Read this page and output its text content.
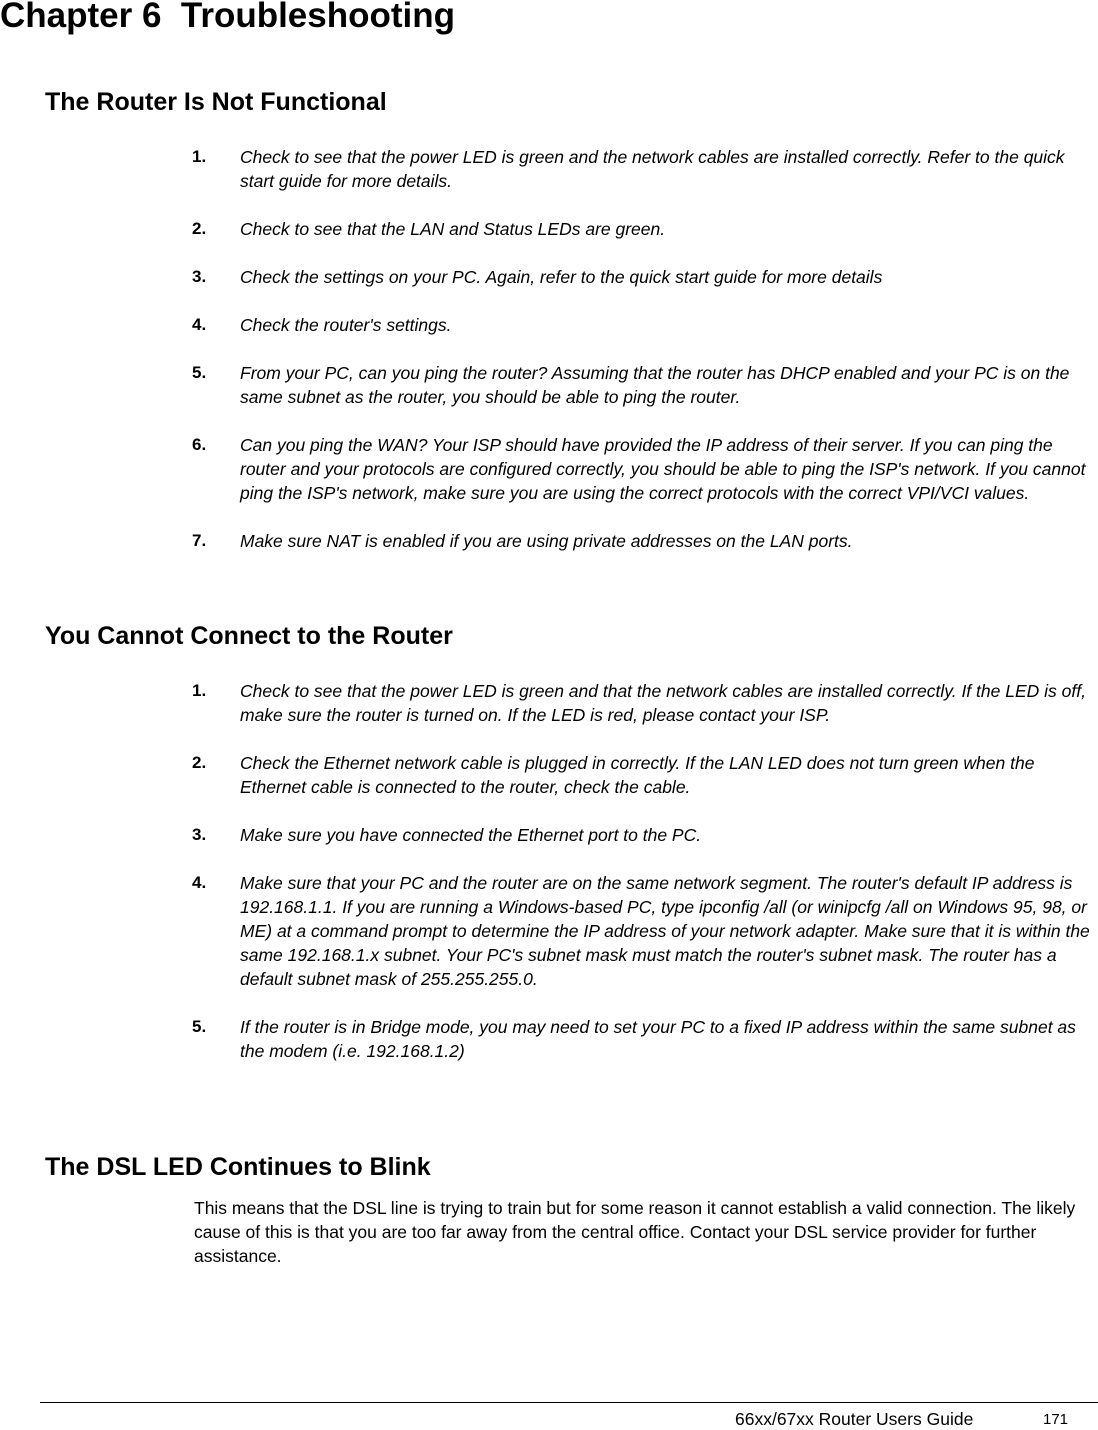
Chapter 6  Troubleshooting
The Router Is Not Functional
1. Check to see that the power LED is green and the network cables are installed correctly. Refer to the quick start guide for more details.
2. Check to see that the LAN and Status LEDs are green.
3. Check the settings on your PC. Again, refer to the quick start guide for more details
4. Check the router's settings.
5. From your PC, can you ping the router? Assuming that the router has DHCP enabled and your PC is on the same subnet as the router, you should be able to ping the router.
6. Can you ping the WAN? Your ISP should have provided the IP address of their server. If you can ping the router and your protocols are configured correctly, you should be able to ping the ISP's network. If you cannot ping the ISP's network, make sure you are using the correct protocols with the correct VPI/VCI values.
7. Make sure NAT is enabled if you are using private addresses on the LAN ports.
You Cannot Connect to the Router
1. Check to see that the power LED is green and that the network cables are installed correctly. If the LED is off, make sure the router is turned on. If the LED is red, please contact your ISP.
2. Check the Ethernet network cable is plugged in correctly. If the LAN LED does not turn green when the Ethernet cable is connected to the router, check the cable.
3. Make sure you have connected the Ethernet port to the PC.
4. Make sure that your PC and the router are on the same network segment. The router's default IP address is 192.168.1.1. If you are running a Windows-based PC, type ipconfig /all (or winipcfg /all on Windows 95, 98, or ME) at a command prompt to determine the IP address of your network adapter. Make sure that it is within the same 192.168.1.x subnet. Your PC's subnet mask must match the router's subnet mask. The router has a default subnet mask of 255.255.255.0.
5. If the router is in Bridge mode, you may need to set your PC to a fixed IP address within the same subnet as the modem (i.e. 192.168.1.2)
The DSL LED Continues to Blink

This means that the DSL line is trying to train but for some reason it cannot establish a valid connection. The likely cause of this is that you are too far away from the central office. Contact your DSL service provider for further assistance.

66xx/67xx Router Users Guide	171
